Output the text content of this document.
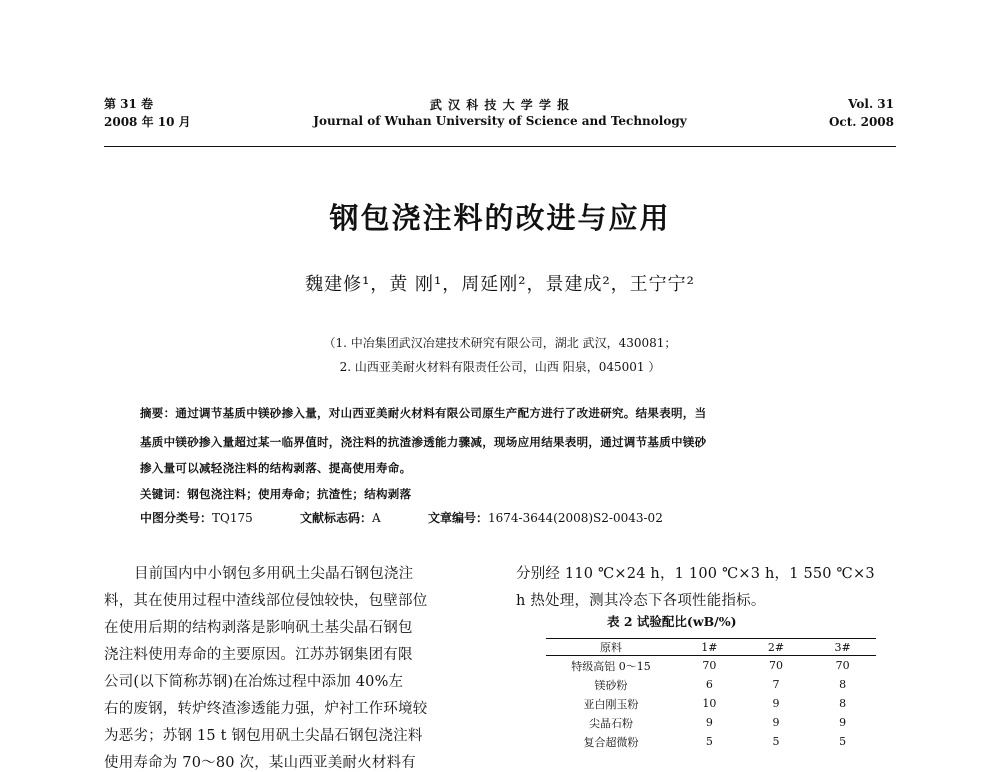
第 31 卷
2008 年 10 月
武 汉 科 技 大 学 学 报
Journal of Wuhan University of Science and Technology
Vol. 31
Oct. 2008
钢包浇注料的改进与应用
魏建修¹，黄 刚¹，周延刚²，景建成²，王宁宁²
（1. 中冶集团武汉冶建技术研究有限公司，湖北 武汉，430081；
2. 山西亚美耐火材料有限责任公司，山西 阳泉，045001 ）
摘要：通过调节基质中镁砂掺入量，对山西亚美耐火材料有限公司原生产配方进行了改进研究。结果表明，当
基质中镁砂掺入量超过某一临界值时，浇注料的抗渣渗透能力骤减，现场应用结果表明，通过调节基质中镁砂
掺入量可以减轻浇注料的结构剥落、提高使用寿命。
关键词：钢包浇注料；使用寿命；抗渣性；结构剥落
中图分类号：TQ175	文献标志码：A	文章编号：1674-3644(2008)S2-0043-02
目前国内中小钢包多用矾土尖晶石钢包浇注
料，其在使用过程中渣线部位侵蚀较快，包壁部位
在使用后期的结构剥落是影响矾土基尖晶石钢包
浇注料使用寿命的主要原因。江苏苏钢集团有限
公司(以下简称苏钢)在冶炼过程中添加 40%左
右的废钢，转炉终渣渗透能力强，炉衬工作环境较
为恶劣；苏钢 15 t 钢包用矾土尖晶石钢包浇注料
使用寿命为 70～80 次，某山西亚美耐火材料有
分别经 110 ℃×24 h，1 100 ℃×3 h，1 550 ℃×3
h 热处理，测其冷态下各项性能指标。
表 2 试验配比(wB/%)
原料	1#	2#	3#
特级高铝 0～15	70	70	70
镁砂粉	6	7	8
亚白刚玉粉	10	9	8
尖晶石粉	9	9	9
复合超微粉	5	5	5
